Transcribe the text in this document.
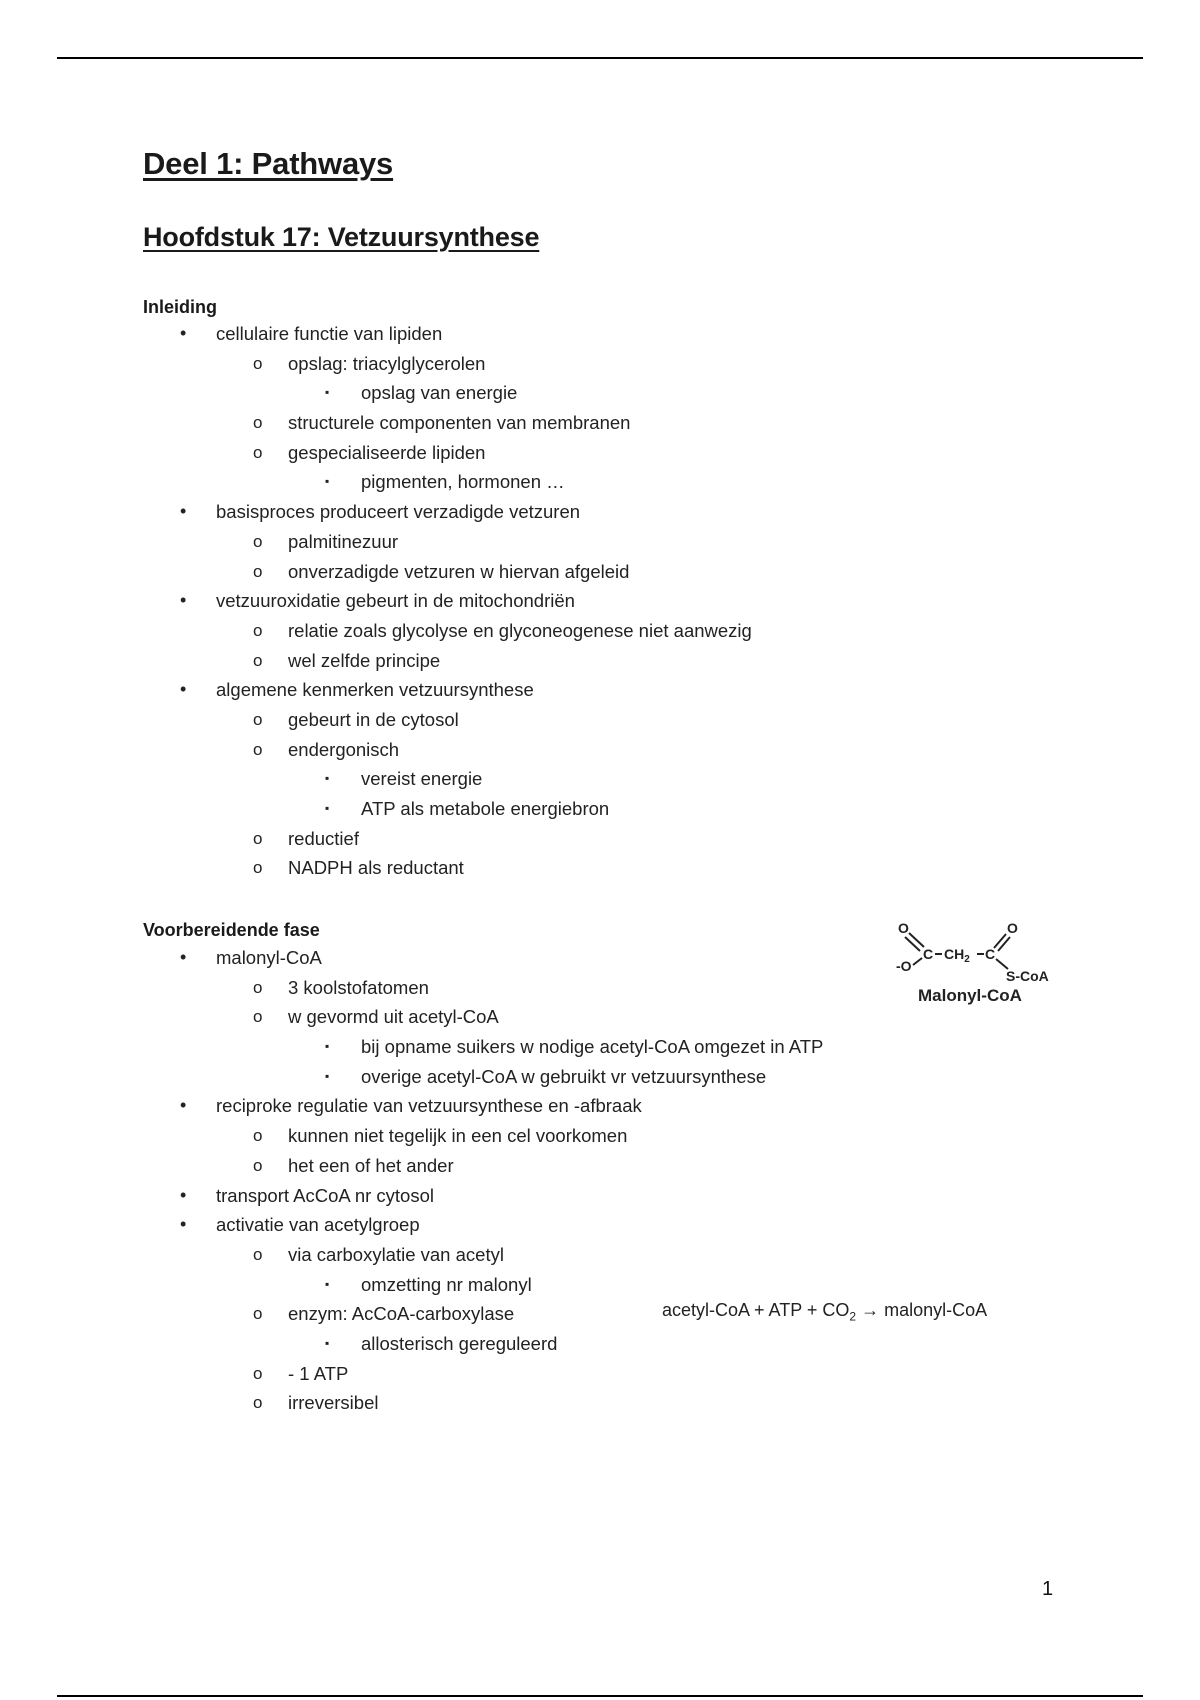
Deel 1: Pathways
Hoofdstuk 17: Vetzuursynthese
Inleiding
• cellulaire functie van lipiden
o opslag: triacylglycerolen
▪ opslag van energie
o structurele componenten van membranen
o gespecialiseerde lipiden
▪ pigmenten, hormonen …
• basisproces produceert verzadigde vetzuren
o palmitinezuur
o onverzadigde vetzuren w hiervan afgeleid
• vetzuuroxidatie gebeurt in de mitochondriën
o relatie zoals glycolyse en glyconeogenese niet aanwezig
o wel zelfde principe
• algemene kenmerken vetzuursynthese
o gebeurt in de cytosol
o endergonisch
▪ vereist energie
▪ ATP als metabole energiebron
o reductief
o NADPH als reductant
Voorbereidende fase
• malonyl-CoA
o 3 koolstofatomen
o w gevormd uit acetyl-CoA
▪ bij opname suikers w nodige acetyl-CoA omgezet in ATP
▪ overige acetyl-CoA w gebruikt vr vetzuursynthese
• reciproke regulatie van vetzuursynthese en -afbraak
o kunnen niet tegelijk in een cel voorkomen
o het een of het ander
• transport AcCoA nr cytosol
• activatie van acetylgroep
o via carboxylatie van acetyl
▪ omzetting nr malonyl
o enzym: AcCoA-carboxylase
▪ allosterisch gereguleerd
o - 1 ATP
o irreversibel
O
-O
C $CH_2$ C
O
S-CoA
Malonyl-CoA
acetyl-CoA + ATP + $CO_2$ → malonyl-CoA
1
